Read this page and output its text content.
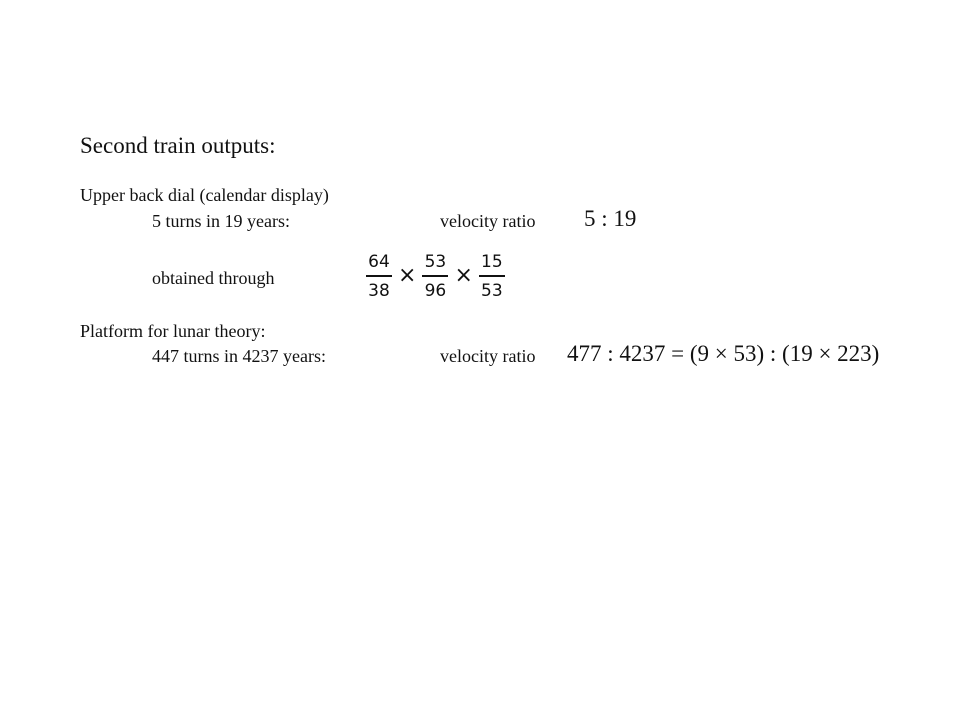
Second train outputs:
Upper back dial (calendar display)
5 turns in 19 years:	velocity ratio 5 : 19
obtained through	$\frac{64}{38} \times \frac{53}{96} \times \frac{15}{53}$
Platform for lunar theory:
447 turns in 4237 years:	velocity ratio 477 : 4237 = (9 × 53) : (19 × 223)
